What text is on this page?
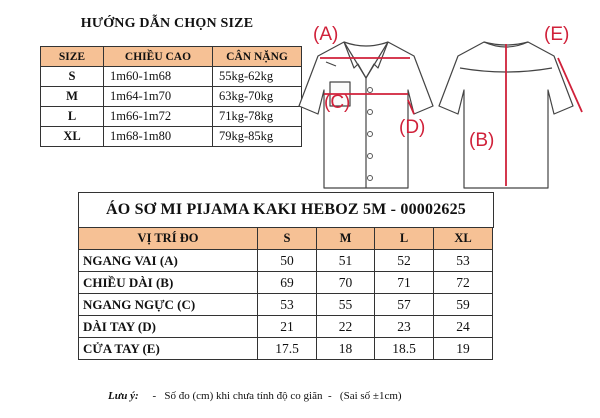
HƯỚNG DẪN CHỌN SIZE
SIZE	CHIỀU CAO	CÂN NẶNG
S	1m60-1m68	55kg-62kg
M	1m64-1m70	63kg-70kg
L	1m66-1m72	71kg-78kg
XL	1m68-1m80	79kg-85kg
(A)
(C)
(D)
(E)
(B)
ÁO SƠ MI PIJAMA KAKI HEBOZ 5M - 00002625
VỊ TRÍ ĐO	S	M	L	XL
NGANG VAI (A)	50	51	52	53
CHIỀU DÀI (B)	69	70	71	72
NGANG NGỰC (C)	53	55	57	59
DÀI TAY (D)	21	22	23	24
CỬA TAY (E)	17.5	18	18.5	19
Lưu ý: -   Số đo (cm) khi chưa tính độ co giãn  - (Sai số ±1cm)
